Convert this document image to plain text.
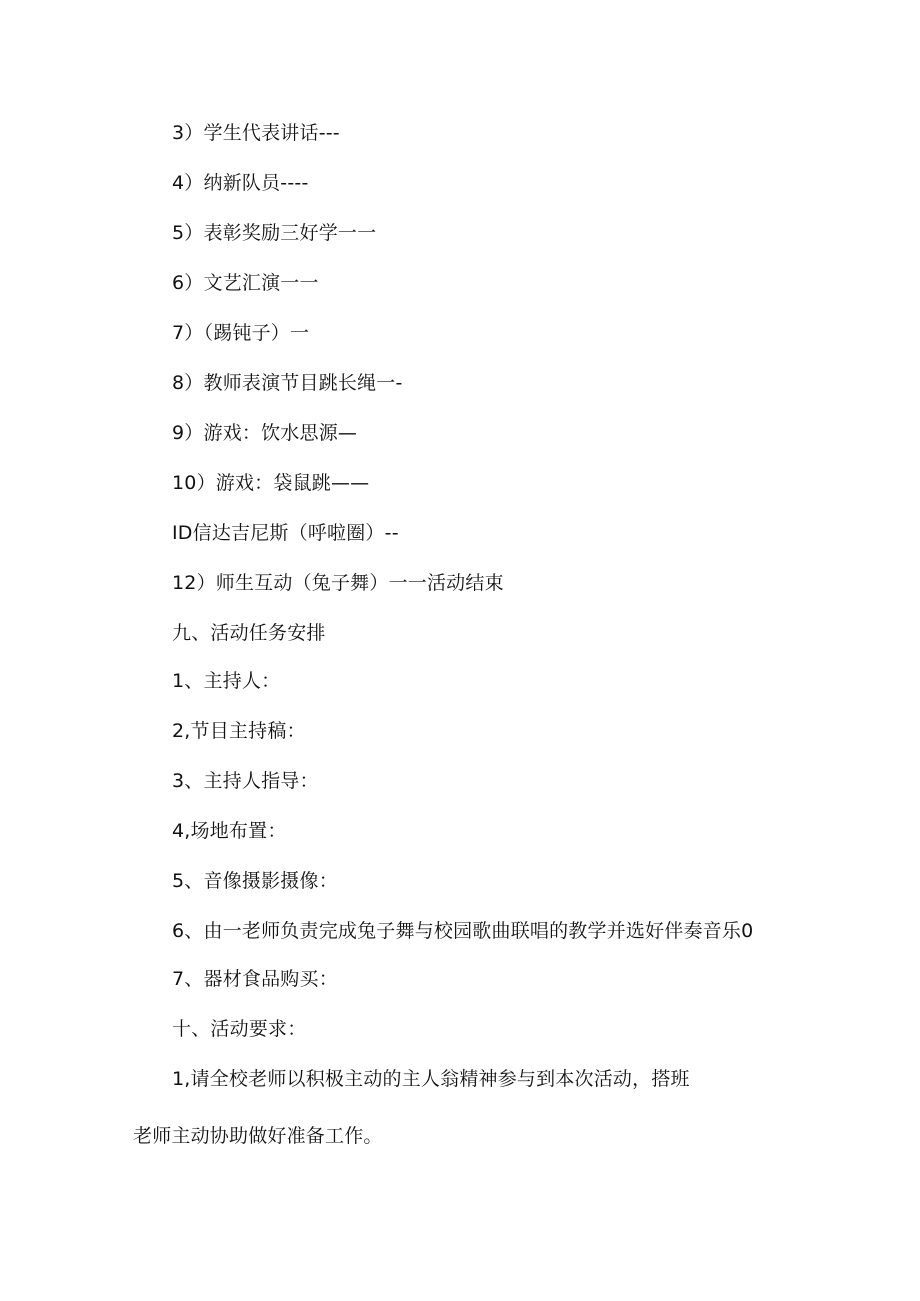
3）学生代表讲话---
4）纳新队员----
5）表彰奖励三好学一一
6）文艺汇演一一
7）（踢钝子）一
8）教师表演节目跳长绳一-
9）游戏：饮水思源—
10）游戏：袋鼠跳——
ID信达吉尼斯（呼啦圈）--
12）师生互动（兔子舞）一一活动结束
九、活动任务安排
1、主持人：
2,节目主持稿：
3、主持人指导：
4,场地布置：
5、音像摄影摄像：
6、由一老师负责完成兔子舞与校园歌曲联唱的教学并选好伴奏音乐0
7、器材食品购买：
十、活动要求：
1,请全校老师以积极主动的主人翁精神参与到本次活动，搭班
老师主动协助做好准备工作。
